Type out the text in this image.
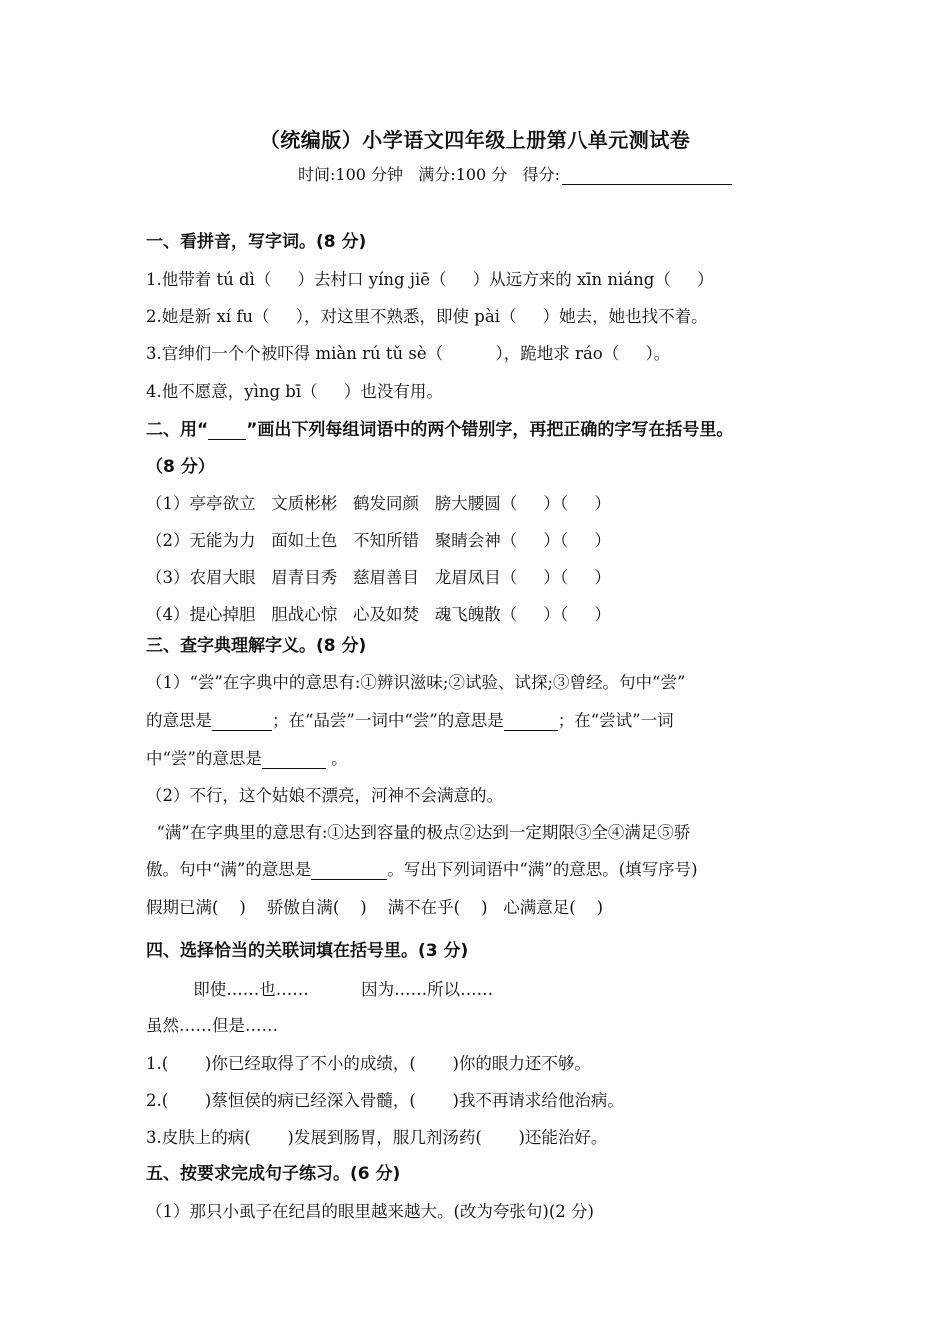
（统编版）小学语文四年级上册第八单元测试卷
时间:100 分钟 满分:100 分 得分:
一、看拼音，写字词。(8 分)
1.他带着 tú dì（     ）去村口 yíng jiē（     ）从远方来的 xīn niáng（     ）
2.她是新 xí fu（     ），对这里不熟悉，即使 pài（     ）她去，她也找不着。
3.官绅们一个个被吓得 miàn rú tǔ sè（          ），跪地求 ráo（     ）。
4.他不愿意，yìng bī（     ）也没有用。
二、用“ ”画出下列每组词语中的两个错别字，再把正确的字写在括号里。
（8 分）
（1）亭亭欲立   文质彬彬   鹤发同颜   膀大腰圆（     ）（     ）
（2）无能为力   面如土色   不知所错   聚睛会神（     ）（     ）
（3）农眉大眼   眉青目秀   慈眉善目   龙眉凤目（     ）（     ）
（4）提心掉胆   胆战心惊   心及如焚   魂飞魄散（     ）（     ）
三、查字典理解字义。(8 分)
（1）“尝”在字典中的意思有:①辨识滋味;②试验、试探;③曾经。句中“尝”
的意思是	；在“品尝”一词中“尝”的意思是	；在“尝试”一词
中“尝”的意思是	。
（2）不行，这个姑娘不漂亮，河神不会满意的。
“满”在字典里的意思有:①达到容量的极点②达到一定期限③全④满足⑤骄
傲。句中“满”的意思是	。写出下列词语中“满”的意思。(填写序号)
假期已满(    )    骄傲自满(    )    满不在乎(    )   心满意足(    )
四、选择恰当的关联词填在括号里。(3 分)
即使……也……          因为……所以……
虽然……但是……
1.(       )你已经取得了不小的成绩，(       )你的眼力还不够。
2.(       )蔡恒侯的病已经深入骨髓，(       )我不再请求给他治病。
3.皮肤上的病(       )发展到肠胃，服几剂汤药(       )还能治好。
五、按要求完成句子练习。(6 分)
（1）那只小虱子在纪昌的眼里越来越大。(改为夸张句)(2 分)
